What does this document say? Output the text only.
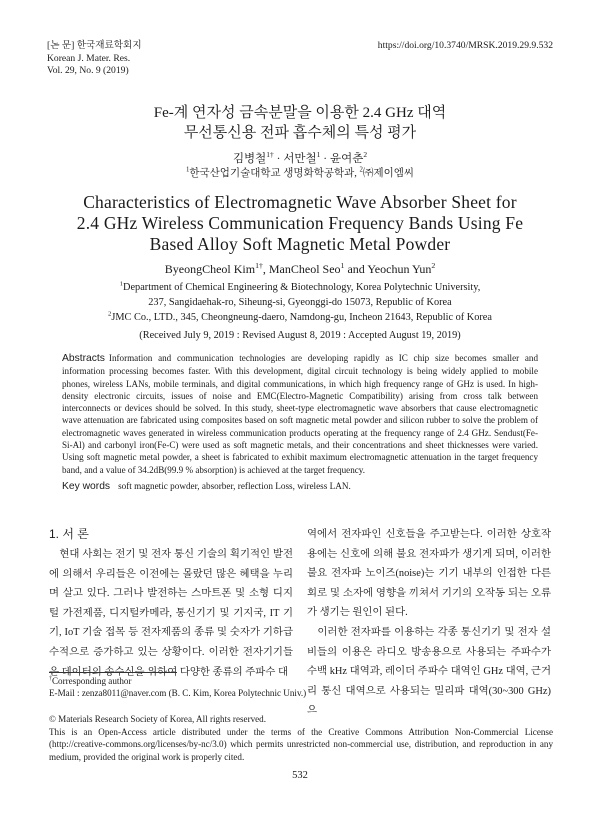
[논 문] 한국재료학회지
Korean J. Mater. Res.
Vol. 29, No. 9 (2019)
https://doi.org/10.3740/MRSK.2019.29.9.532
Fe-계 연자성 금속분말을 이용한 2.4 GHz 대역
무선통신용 전파 흡수체의 특성 평가
김병철$^{1\dagger}$ · 서만철$^1$ · 윤여춘$^2$
$^1$한국산업기술대학교 생명화학공학과, $^2$㈜제이엠씨
Characteristics of Electromagnetic Wave Absorber Sheet for
2.4 GHz Wireless Communication Frequency Bands Using Fe
Based Alloy Soft Magnetic Metal Powder
ByeongCheol Kim$^{1\dagger}$, ManCheol Seo$^1$ and Yeochun Yun$^2$
$^1$Department of Chemical Engineering & Biotechnology, Korea Polytechnic University,
237, Sangidaehak-ro, Siheung-si, Gyeonggi-do 15073, Republic of Korea
$^2$JMC Co., LTD., 345, Cheongneung-daero, Namdong-gu, Incheon 21643, Republic of Korea
(Received July 9, 2019 : Revised August 8, 2019 : Accepted August 19, 2019)
Abstracts Information and communication technologies are developing rapidly as IC chip size becomes smaller and information processing becomes faster. With this development, digital circuit technology is being widely applied to mobile phones, wireless LANs, mobile terminals, and digital communications, in which high frequency range of GHz is used. In high-density electronic circuits, issues of noise and EMC(Electro-Magnetic Compatibility) arising from cross talk between interconnects or devices should be solved. In this study, sheet-type electromagnetic wave absorbers that cause electromagnetic wave attenuation are fabricated using composites based on soft magnetic metal powder and silicon rubber to solve the problem of electromagnetic waves generated in wireless communication products operating at the frequency range of 2.4 GHz. Sendust(Fe-Si-Al) and carbonyl iron(Fe-C) were used as soft magnetic metals, and their concentrations and sheet thicknesses were varied. Using soft magnetic metal powder, a sheet is fabricated to exhibit maximum electromagnetic attenuation in the target frequency band, and a value of 34.2dB(99.9 % absorption) is achieved at the target frequency.
Key words soft magnetic powder, absorber, reflection Loss, wireless LAN.
1. 서 론

현대 사회는 전기 및 전자 통신 기술의 획기적인 발전에 의해서 우리들은 이전에는 몰랐던 많은 혜택을 누리며 살고 있다. 그러나 발전하는 스마트폰 및 소형 디지털 가전제품, 디지털카메라, 통신기기 및 기지국, IT 기기, IoT 기술 접목 등 전자제품의 종류 및 숫자가 기하급수적으로 증가하고 있는 상황이다. 이러한 전자기기들은 데이터의 송수신을 위하여 다양한 종류의 주파수 대

역에서 전자파인 신호들을 주고받는다. 이러한 상호작용에는 신호에 의해 불요 전자파가 생기게 되며, 이러한 불요 전자파 노이즈(noise)는 기기 내부의 인접한 다른 회로 및 소자에 영향을 끼쳐서 기기의 오작동 되는 오류가 생기는 원인이 된다.

이러한 전자파를 이용하는 각종 통신기기 및 전자 설비들의 이용은 라디오 방송용으로 사용되는 주파수가 수백 kHz 대역과, 레이더 주파수 대역인 GHz 대역, 근거리 통신 대역으로 사용되는 밀리파 대역(30~300 GHz)으

†Corresponding author
E-Mail : zenza8011@naver.com (B. C. Kim, Korea Polytechnic Univ.)
© Materials Research Society of Korea, All rights reserved.
This is an Open-Access article distributed under the terms of the Creative Commons Attribution Non-Commercial License (http://creative-commons.org/licenses/by-nc/3.0) which permits unrestricted non-commercial use, distribution, and reproduction in any medium, provided the original work is properly cited.
532
